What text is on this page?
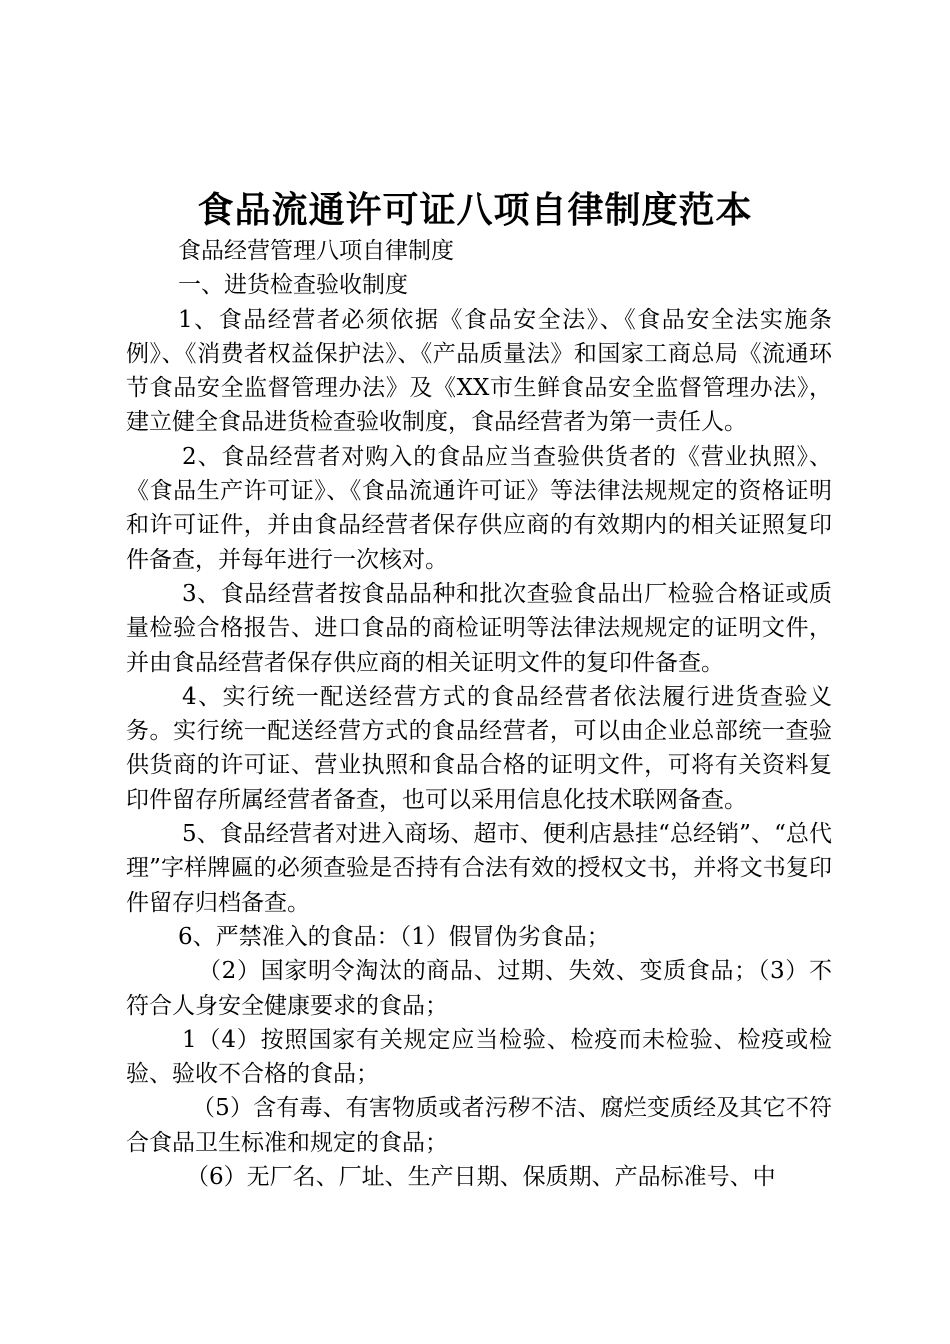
食品流通许可证八项自律制度范本

食品经营管理八项自律制度

一、进货检查验收制度

1、食品经营者必须依据《食品安全法》、《食品安全法实施条例》、《消费者权益保护法》、《产品质量法》和国家工商总局《流通环节食品安全监督管理办法》及《XX市生鲜食品安全监督管理办法》，建立健全食品进货检查验收制度，食品经营者为第一责任人。

2、食品经营者对购入的食品应当查验供货者的《营业执照》、《食品生产许可证》、《食品流通许可证》等法律法规规定的资格证明和许可证件，并由食品经营者保存供应商的有效期内的相关证照复印件备查，并每年进行一次核对。

3、食品经营者按食品品种和批次查验食品出厂检验合格证或质量检验合格报告、进口食品的商检证明等法律法规规定的证明文件，并由食品经营者保存供应商的相关证明文件的复印件备查。

4、实行统一配送经营方式的食品经营者依法履行进货查验义务。实行统一配送经营方式的食品经营者，可以由企业总部统一查验供货商的许可证、营业执照和食品合格的证明文件，可将有关资料复印件留存所属经营者备查，也可以采用信息化技术联网备查。

5、食品经营者对进入商场、超市、便利店悬挂“总经销”、“总代理”字样牌匾的必须查验是否持有合法有效的授权文书，并将文书复印件留存归档备查。

6、严禁准入的食品：（1）假冒伪劣食品；

（2）国家明令淘汰的商品、过期、失效、变质食品；（3）不符合人身安全健康要求的食品；

1（4）按照国家有关规定应当检验、检疫而未检验、检疫或检验、验收不合格的食品；

（5）含有毒、有害物质或者污秽不洁、腐烂变质经及其它不符合食品卫生标准和规定的食品；

（6）无厂名、厂址、生产日期、保质期、产品标准号、中
